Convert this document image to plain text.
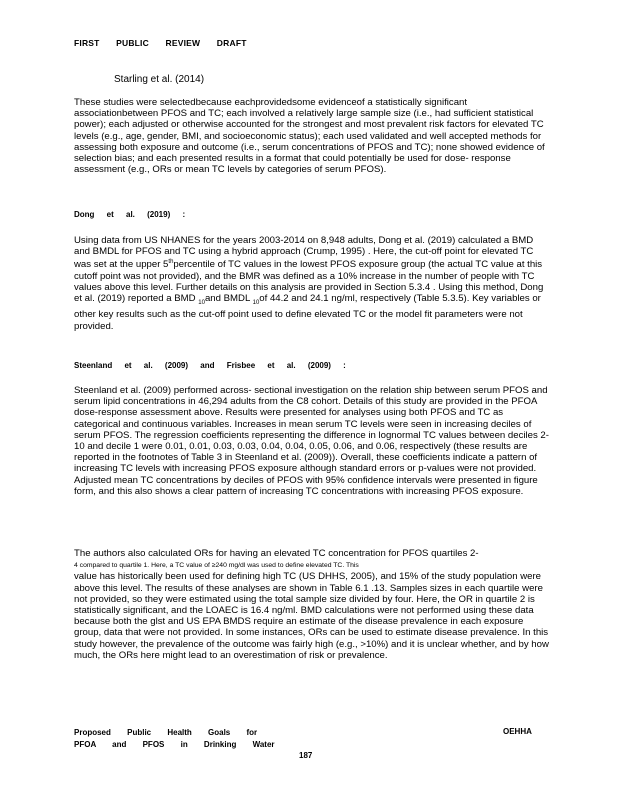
FIRST PUBLIC REVIEW DRAFT
Starling et al. (2014)

These studies were selectedbecause eachprovidedsome evidenceof a statistically significant associationbetween PFOS and TC; each involved a relatively large sample size (i.e., had sufficient statistical power); each adjusted or otherwise accounted for the strongest and most prevalent risk factors for elevated TC levels (e.g., age, gender, BMI, and socioeconomic status); each used validated and well accepted methods for assessing both exposure and outcome (i.e., serum concentrations of PFOS and TC); none showed evidence of selection bias; and each presented results in a format that could potentially be used for dose- response assessment (e.g., ORs or mean TC levels by categories of serum PFOS).

Dong et al. (2019) :

Using data from US NHANES for the years 2003-2014 on 8,948 adults, Dong et al. (2019) calculated a BMD and BMDL for PFOS and TC using a hybrid approach (Crump, 1995) . Here, the cut-off point for elevated TC was set at the upper 5thpercentile of TC values in the lowest PFOS exposure group (the actual TC value at this cutoff point was not provided), and the BMR was defined as a 10% increase in the number of people with TC values above this level. Further details on this analysis are provided in Section 5.3.4 . Using this method, Dong et al. (2019) reported a BMD $_{10}$and BMDL $_{10}$of 44.2 and 24.1 ng/ml, respectively (Table 5.3.5). Key variables or other key results such as the cut-off point used to define elevated TC or the model fit parameters were not provided.

Steenland et al. (2009) and Frisbee et al. (2009) :

Steenland et al. (2009) performed across- sectional investigation on the relation ship between serum PFOS and serum lipid concentrations in 46,294 adults from the C8 cohort. Details of this study are provided in the PFOA dose-response assessment above. Results were presented for analyses using both PFOS and TC as categorical and continuous variables. Increases in mean serum TC levels were seen in increasing deciles of serum PFOS. The regression coefficients representing the difference in lognormal TC values between deciles 2-10 and decile 1 were 0.01, 0.01, 0.03, 0.03, 0.04, 0.04, 0.05, 0.06, and 0.06, respectively (these results are reported in the footnotes of Table 3 in Steenland et al. (2009)). Overall, these coefficients indicate a pattern of increasing TC levels with increasing PFOS exposure although standard errors or p-values were not provided. Adjusted mean TC concentrations by deciles of PFOS with 95% confidence intervals were presented in figure form, and this also shows a clear pattern of increasing TC concentrations with increasing PFOS exposure.

The authors also calculated ORs for having an elevated TC concentration for PFOS quartiles 2-
4 compared to quartile 1. Here, a TC value of ≥240 mg/dl was used to define elevated TC. This
value has historically been used for defining high TC (US DHHS, 2005), and 15% of the study population were above this level. The results of these analyses are shown in Table 6.1 .13. Samples sizes in each quartile were not provided, so they were estimated using the total sample size divided by four. Here, the OR in quartile 2 is statistically significant, and the LOAEC is 16.4 ng/ml. BMD calculations were not performed using these data because both the glst and US EPA BMDS require an estimate of the disease prevalence in each exposure group, data that were not provided. In some instances, ORs can be used to estimate disease prevalence. In this study however, the prevalence of the outcome was fairly high (e.g., >10%) and it is unclear whether, and by how much, the ORs here might lead to an overestimation of risk or prevalence.

Proposed Public Health Goals for
PFOA and PFOS in Drinking Water
OEHHA
187
